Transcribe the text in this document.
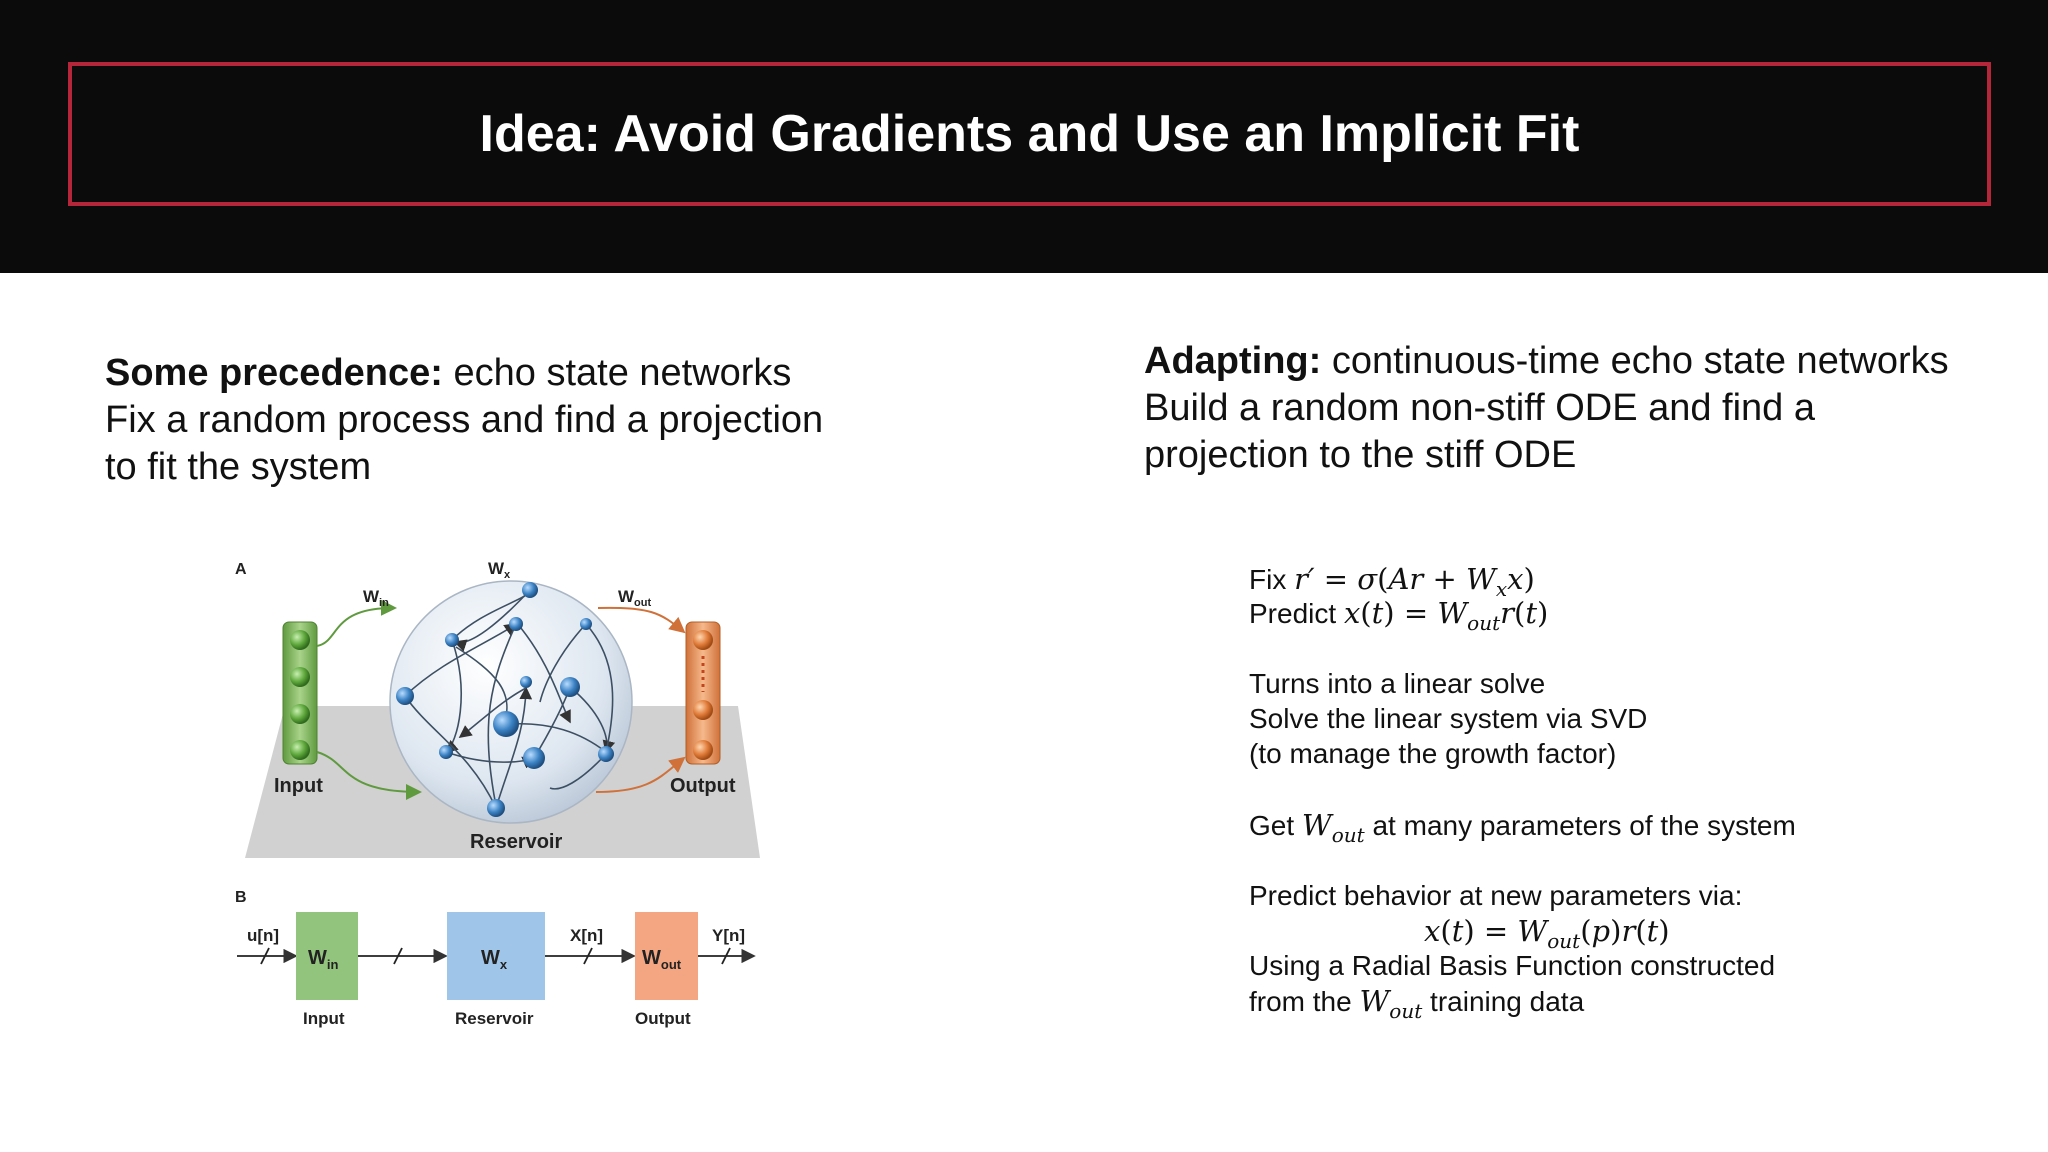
Idea: Avoid Gradients and Use an Implicit Fit
Some precedence: echo state networks
Fix a random process and find a projection
to fit the system
Adapting: continuous-time echo state networks
Build a random non-stiff ODE and find a
projection to the stiff ODE
Fix $r' = \sigma(Ar + W_xx)$
Predict $x(t) = W_{out}r(t)$
Turns into a linear solve
Solve the linear system via SVD
(to manage the growth factor)
Get $W_{out}$ at many parameters of the system
Predict behavior at new parameters via:
$x(t) = W_{out}(p)r(t)$
Using a Radial Basis Function constructed
from the $W_{out}$ training data
A
$W_{in}$
$W_x$
$W_{out}$
Input	Output
Reservoir
B
$W_{in}$	$W_x$	$W_{out}$
u[n]	X[n]	Y[n]
Input	Reservoir	Output
